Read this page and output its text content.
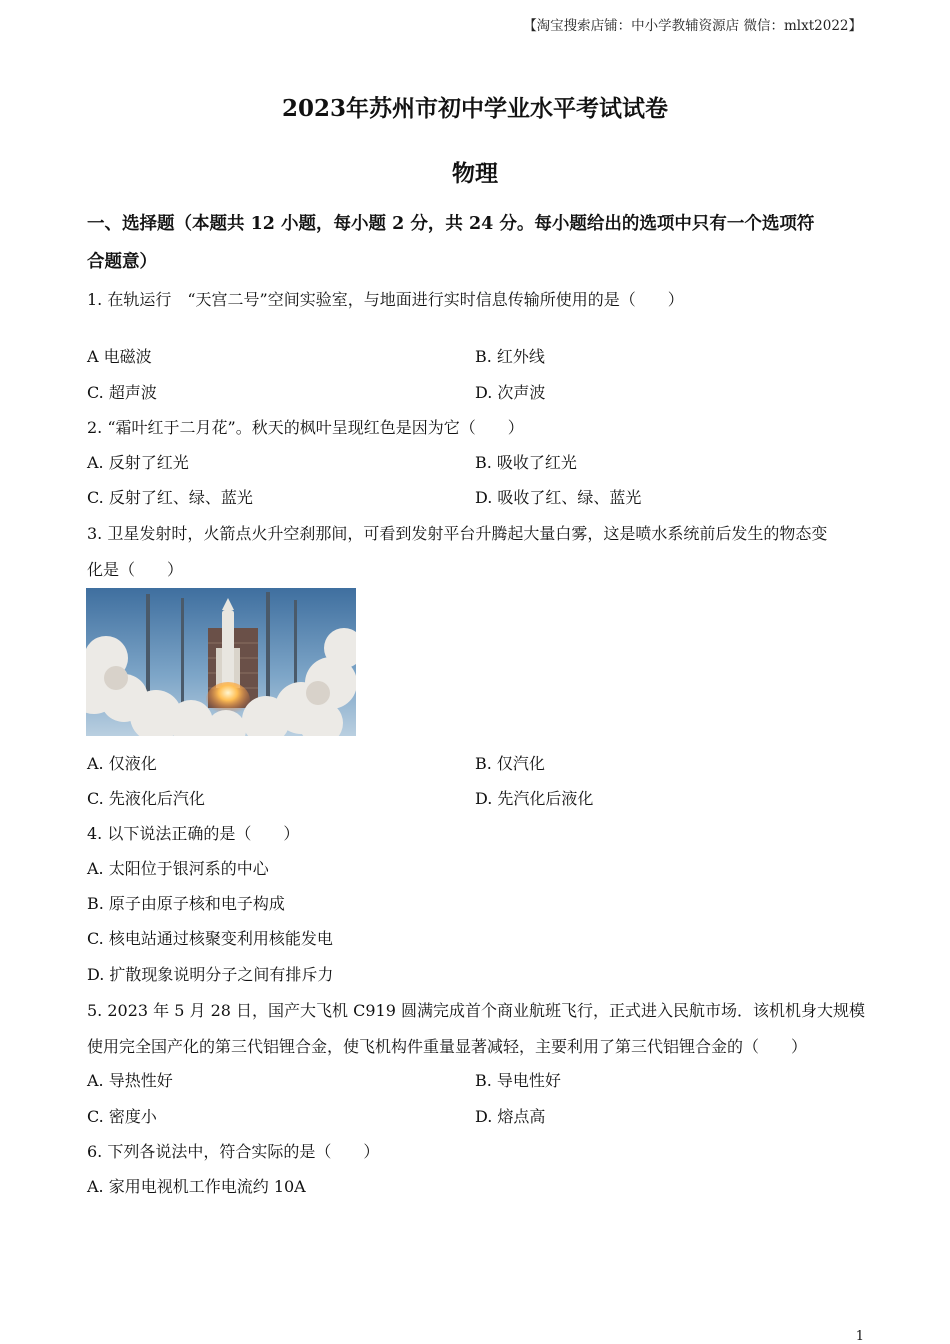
【淘宝搜索店铺：中小学教辅资源店 微信：mlxt2022】
2023年苏州市初中学业水平考试试卷
物理
一、选择题（本题共 12 小题，每小题 2 分，共 24 分。每小题给出的选项中只有一个选项符
合题意）
1. 在轨运行　“天宫二号”空间实验室，与地面进行实时信息传输所使用的是（　　）
A 电磁波	B. 红外线
C. 超声波	D. 次声波
2. “霜叶红于二月花”。秋天的枫叶呈现红色是因为它（　　）
A. 反射了红光	B. 吸收了红光
C. 反射了红、绿、蓝光	D. 吸收了红、绿、蓝光
3. 卫星发射时，火箭点火升空刹那间，可看到发射平台升腾起大量白雾，这是喷水系统前后发生的物态变
化是（　　）
A. 仅液化	B. 仅汽化
C. 先液化后汽化	D. 先汽化后液化
4. 以下说法正确的是（　　）
A. 太阳位于银河系的中心
B. 原子由原子核和电子构成
C. 核电站通过核聚变利用核能发电
D. 扩散现象说明分子之间有排斥力
5. 2023 年 5 月 28 日，国产大飞机 C919 圆满完成首个商业航班飞行，正式进入民航市场．该机机身大规模
使用完全国产化的第三代铝锂合金，使飞机构件重量显著减轻，主要利用了第三代铝锂合金的（　　）
A. 导热性好	B. 导电性好
C. 密度小	D. 熔点高
6. 下列各说法中，符合实际的是（　　）
A. 家用电视机工作电流约 10A
1
